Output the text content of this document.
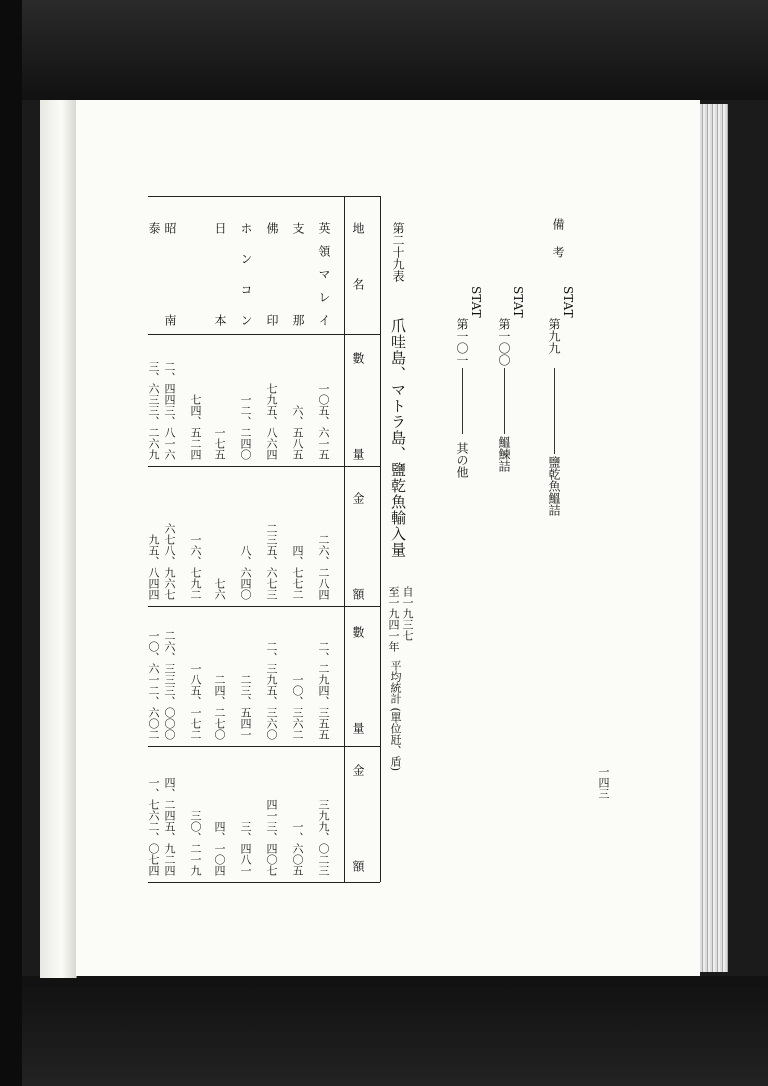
一四三
備 考
STAT
第九九
鹽乾魚鰮詰
STAT
第一〇〇
鰮鰊詰
STAT
第一〇一
其の他
第二十九表
爪哇島、マトラ島、鹽乾魚輸入量
自一九三七
至一九四一年
平均統計 (單位瓩、盾)
地 名
數 量
金 額
數 量
金 額
英領マレイ
一〇五、六一五
二六、二八四
二、二九四、三五五
三九九、〇二三
支 那
六、五八五
四、七七二
一〇、三六二
一、六〇五
佛 印
七九五、八六四
二三五、六七三
二、三九五、三六〇
四一三、四〇七
ホンコン
一二、二四〇
八、六四〇
二三、五四一
三、四八一
日 本
一七五
七六
二四、二七〇
四、一〇四
七四、五二四
一六、七九二
一八五、一七二
三〇、二一九
昭 南
二、四四三、八一六
六七八、九六七
二六、三三三、〇〇〇
四、二四五、九二四
泰
三、六三三、二六九
九五、八四四
一〇、六一二、六〇二
一、七六二、〇七四
